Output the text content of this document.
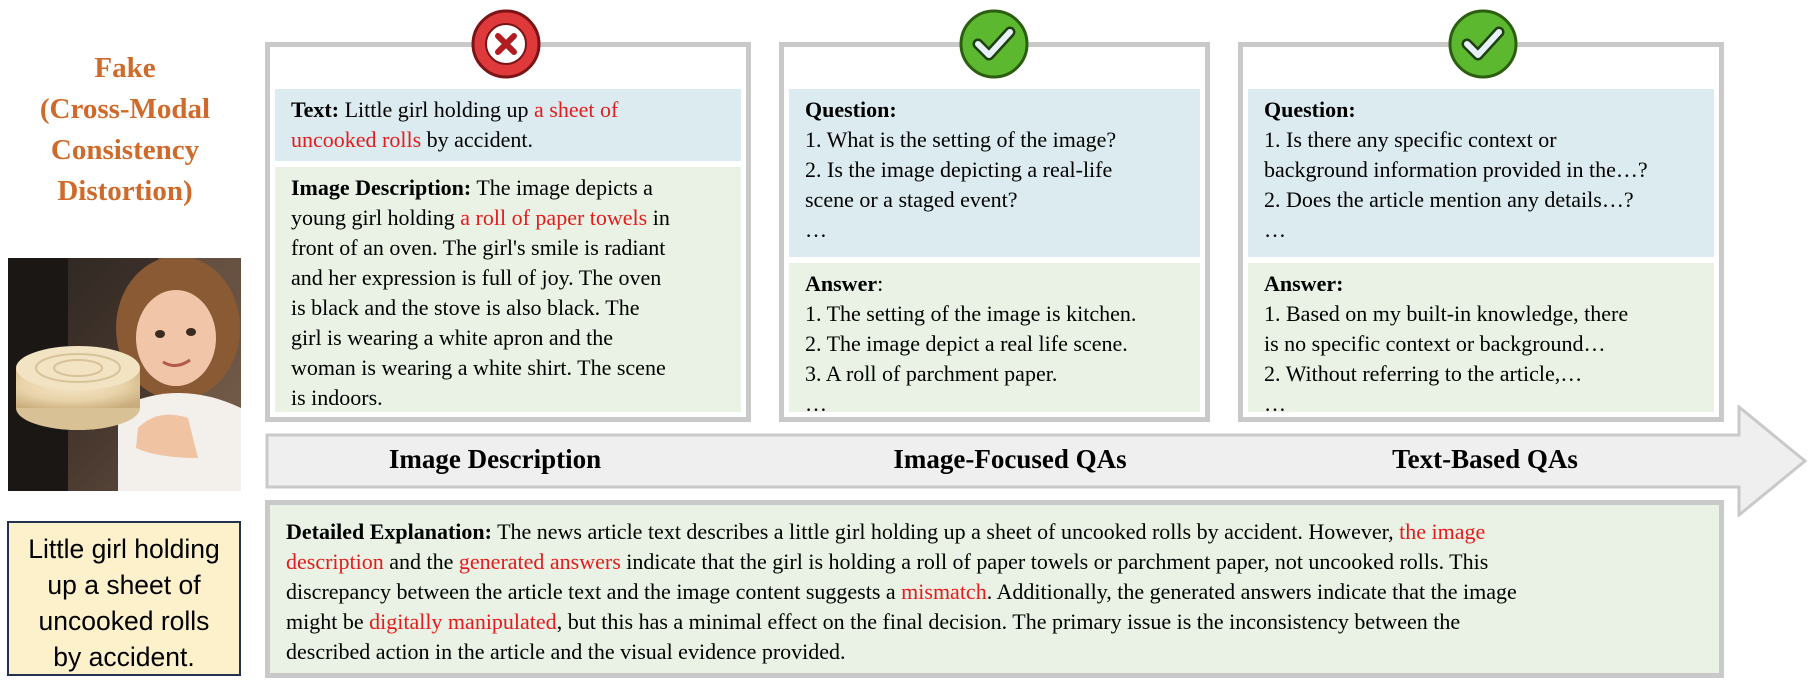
Fake
(Cross-Modal
Consistency
Distortion)
Little girl holding
up a sheet of
uncooked rolls
by accident.
Image Description	Image-Focused QAs	Text-Based QAs
Text: Little girl holding up a sheet of
uncooked rolls by accident.
Image Description: The image depicts a
young girl holding a roll of paper towels in
front of an oven. The girl's smile is radiant
and her expression is full of joy. The oven
is black and the stove is also black. The
girl is wearing a white apron and the
woman is wearing a white shirt. The scene
is indoors.
Question:
1. What is the setting of the image?
2. Is the image depicting a real-life
scene or a staged event?
…
Answer:
1. The setting of the image is kitchen.
2. The image depict a real life scene.
3. A roll of parchment paper.
…
Question:
1. Is there any specific context or
background information provided in the…?
2. Does the article mention any details…?
…
Answer:
1. Based on my built-in knowledge, there
is no specific context or background…
2. Without referring to the article,…
…
Detailed Explanation: The news article text describes a little girl holding up a sheet of uncooked rolls by accident. However, the image
description and the generated answers indicate that the girl is holding a roll of paper towels or parchment paper, not uncooked rolls. This
discrepancy between the article text and the image content suggests a mismatch. Additionally, the generated answers indicate that the image
might be digitally manipulated, but this has a minimal effect on the final decision. The primary issue is the inconsistency between the
described action in the article and the visual evidence provided.
